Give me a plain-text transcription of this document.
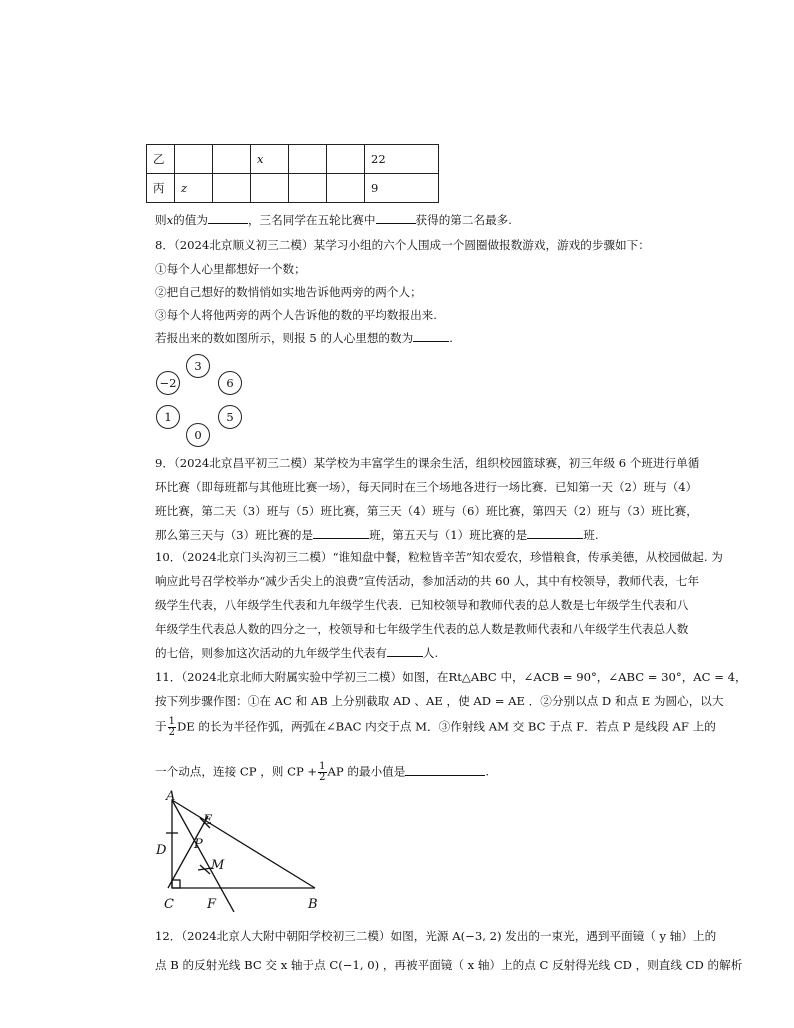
乙			x			22
丙	z					9
则x的值为	，三名同学在五轮比赛中	获得的第二名最多.
8．（2024北京顺义初三二模）某学习小组的六个人围成一个圆圈做报数游戏，游戏的步骤如下：
①每个人心里都想好一个数；
②把自己想好的数悄悄如实地告诉他两旁的两个人；
③每个人将他两旁的两个人告诉他的数的平均数报出来.
若报出来的数如图所示，则报 5 的人心里想的数为	.
3
−2	6
1	5
0
9．（2024北京昌平初三二模）某学校为丰富学生的课余生活，组织校园篮球赛，初三年级 6 个班进行单循
环比赛（即每班都与其他班比赛一场），每天同时在三个场地各进行一场比赛．已知第一天（2）班与（4）
班比赛，第二天（3）班与（5）班比赛，第三天（4）班与（6）班比赛，第四天（2）班与（3）班比赛，
那么第三天与（3）班比赛的是	班，第五天与（1）班比赛的是	班.
10．（2024北京门头沟初三二模）“谁知盘中餐，粒粒皆辛苦”知农爱农，珍惜粮食，传承美德，从校园做起. 为
响应此号召学校举办“减少舌尖上的浪费”宣传活动，参加活动的共 60 人，其中有校领导，教师代表，七年
级学生代表，八年级学生代表和九年级学生代表．已知校领导和教师代表的总人数是七年级学生代表和八
年级学生代表总人数的四分之一，校领导和七年级学生代表的总人数是教师代表和八年级学生代表总人数
的七倍，则参加这次活动的九年级学生代表有	人.
11．（2024北京北师大附属实验中学初三二模）如图，在Rt△ABC 中，∠ACB = 90°，∠ABC = 30°，AC = 4，
按下列步骤作图：①在 AC 和 AB 上分别截取 AD 、AE ，使 AD = AE ．②分别以点 D 和点 E 为圆心，以大
于 $\frac{1}{2}$ DE 的长为半径作弧，两弧在∠BAC 内交于点 M．③作射线 AM 交 BC 于点 F．若点 P 是线段 AF 上的
一个动点，连接 CP ，则 CP + $\frac{1}{2}$ AP 的最小值是	.
A
E
D P
M
C	F	B
12．（2024北京人大附中朝阳学校初三二模）如图，光源 A(−3, 2) 发出的一束光，遇到平面镜（ y 轴）上的
点 B 的反射光线 BC 交 x 轴于点 C(−1, 0) ，再被平面镜（ x 轴）上的点 C 反射得光线 CD ，则直线 CD 的解析
